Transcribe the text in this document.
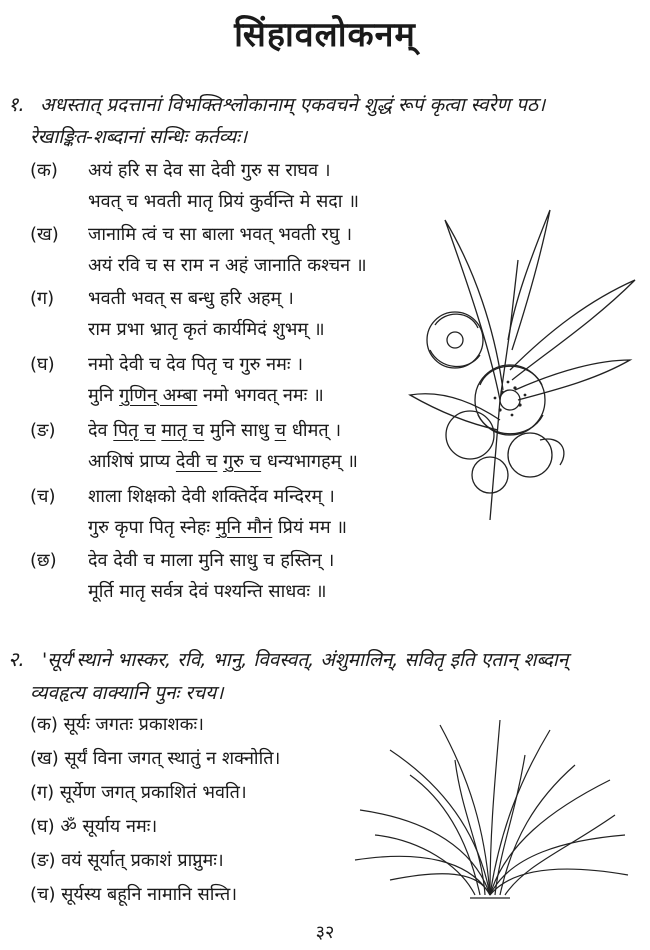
सिंहावलोकनम्
१. अधस्तात् प्रदत्तानां विभक्तिश्लोकानाम् एकवचने शुद्धं रूपं कृत्वा स्वरेण पठ।
रेखाङ्कित-शब्दानां सन्धिः कर्तव्यः।
(क)	अयं हरि स देव सा देवी गुरु स राघव ।
भवत् च भवती मातृ प्रियं कुर्वन्ति मे सदा ॥
(ख)	जानामि त्वं च सा बाला भवत् भवती रघु ।
अयं रवि च स राम न अहं जानाति कश्चन ॥
(ग)	भवती भवत् स बन्धु हरि अहम् ।
राम प्रभा भ्रातृ कृतं कार्यमिदं शुभम् ॥
(घ)	नमो देवी च देव पितृ च गुरु नमः ।
मुनि गुणिन् अम्बा नमो भगवत् नमः ॥
(ङ)	देव पितृ च मातृ च मुनि साधु च धीमत् ।
आशिषं प्राप्य देवी च गुरु च धन्यभागहम् ॥
(च)	शाला शिक्षको देवी शक्तिर्देव मन्दिरम् ।
गुरु कृपा पितृ स्नेहः मुनि मौनं प्रियं मम ॥
(छ)	देव देवी च माला मुनि साधु च हस्तिन् ।
मूर्ति मातृ सर्वत्र देवं पश्यन्ति साधवः ॥
२. 'सूर्य'स्थाने भास्कर, रवि, भानु, विवस्वत्, अंशुमालिन्, सवितृ इति एतान् शब्दान्
व्यवहृत्य वाक्यानि पुनः रचय।
(क) सूर्यः जगतः प्रकाशकः।
(ख) सूर्यं विना जगत् स्थातुं न शक्नोति।
(ग) सूर्येण जगत् प्रकाशितं भवति।
(घ) ॐ सूर्याय नमः।
(ङ) वयं सूर्यात् प्रकाशं प्राप्नुमः।
(च) सूर्यस्य बहूनि नामानि सन्ति।
३२
